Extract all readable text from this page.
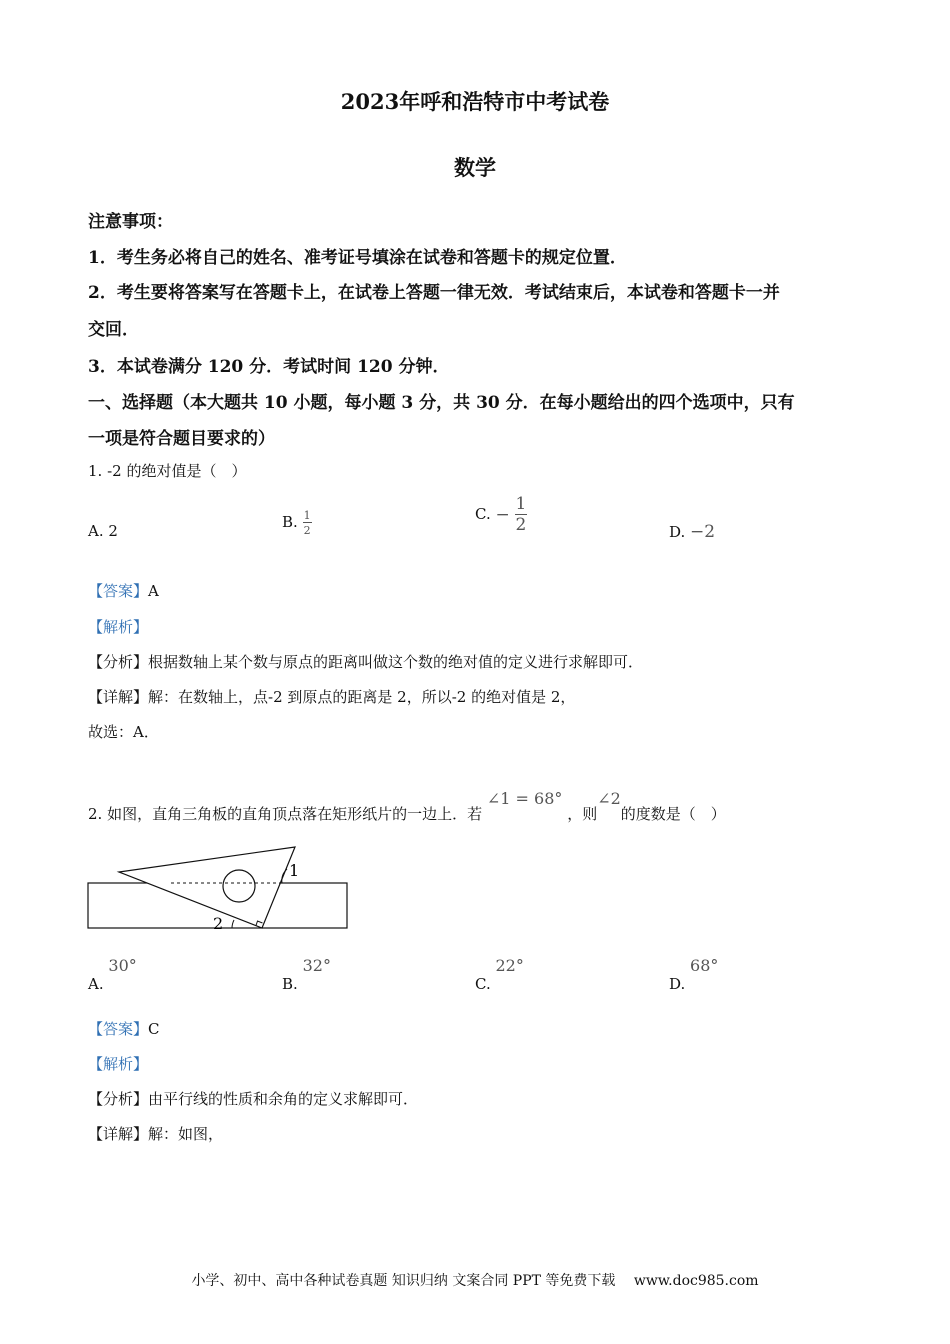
2023年呼和浩特市中考试卷
数学
注意事项：
1．考生务必将自己的姓名、准考证号填涂在试卷和答题卡的规定位置．
2．考生要将答案写在答题卡上，在试卷上答题一律无效．考试结束后，本试卷和答题卡一并
交回．
3．本试卷满分 120 分．考试时间 120 分钟．
一、选择题（本大题共 10 小题，每小题 3 分，共 30 分．在每小题给出的四个选项中，只有
一项是符合题目要求的）
1. -2 的绝对值是（　）
A. 2	B. $\frac{1}{2}$	C. − $\frac{1}{2}$	D. −2
【答案】A
【解析】
【分析】根据数轴上某个数与原点的距离叫做这个数的绝对值的定义进行求解即可．
【详解】解：在数轴上，点-2 到原点的距离是 2，所以-2 的绝对值是 2，
故选：A．
2. 如图，直角三角板的直角顶点落在矩形纸片的一边上．若 ∠1 = 68° ，则∠2的度数是（　）
1
2
A. 30°
B. 32°
C. 22°
D. 68°
【答案】C
【解析】
【分析】由平行线的性质和余角的定义求解即可．
【详解】解：如图，
小学、初中、高中各种试卷真题 知识归纳 文案合同 PPT 等免费下载　 www.doc985.com
